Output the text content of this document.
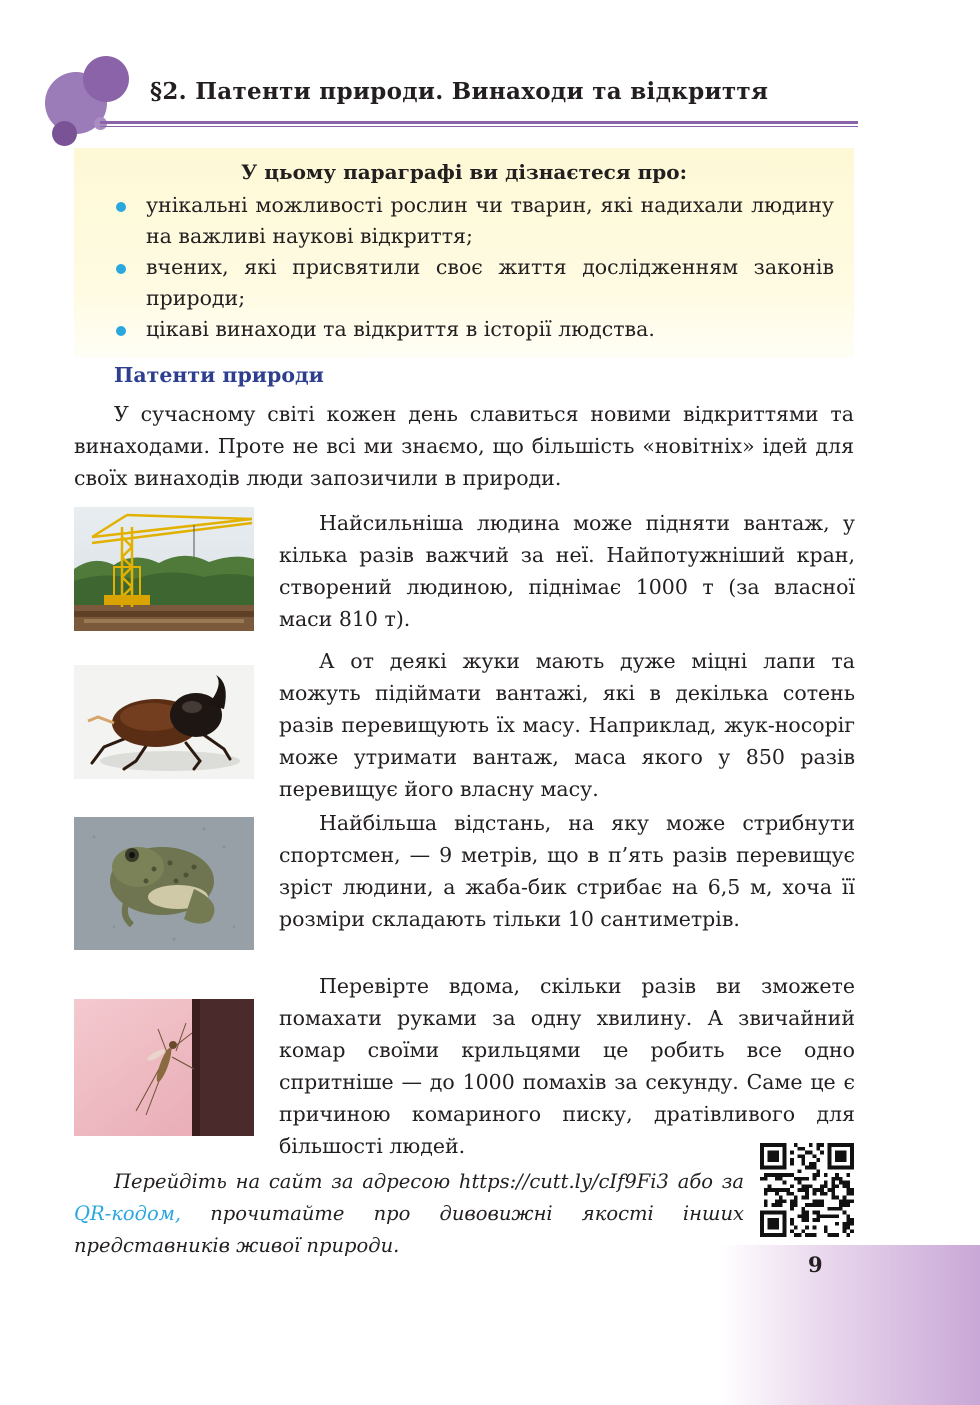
§2. Патенти природи. Винаходи та відкриття

У цьому параграфі ви дізнаєтеся про:

унікальні можливості рослин чи тварин, які надихали людину на важливі наукові відкриття;
вчених, які присвятили своє життя дослідженням законів природи;
цікаві винаходи та відкриття в історії людства.
Патенти природи

У сучасному світі кожен день славиться новими відкриттями та винаходами. Проте не всі ми знаємо, що більшість «новітніх» ідей для своїх винаходів люди запозичили в природи.

Найсильніша людина може підняти вантаж, у кілька разів важчий за неї. Найпотужніший кран, створений людиною, піднімає 1000 т (за власної маси 810 т).

А от деякі жуки мають дуже міцні лапи та можуть підіймати вантажі, які в декілька сотень разів перевищують їх масу. Наприклад, жук-носоріг може утримати вантаж, маса якого у 850 разів перевищує його власну масу.

Найбільша відстань, на яку може стрибнути спортсмен, — 9 метрів, що в п’ять разів перевищує зріст людини, а жаба-бик стрибає на 6,5 м, хоча її розміри складають тільки 10 сантиметрів.

Перевірте вдома, скільки разів ви зможете помахати руками за одну хвилину. А звичайний комар своїми крильцями це робить все одно спритніше — до 1000 помахів за секунду. Саме це є причиною комариного писку, дратівливого для більшості людей.

Перейдіть на сайт за адресою https://cutt.ly/cIf9Fi3 або за QR-кодом, прочитайте про дивовижні якості інших представників живої природи.

9
